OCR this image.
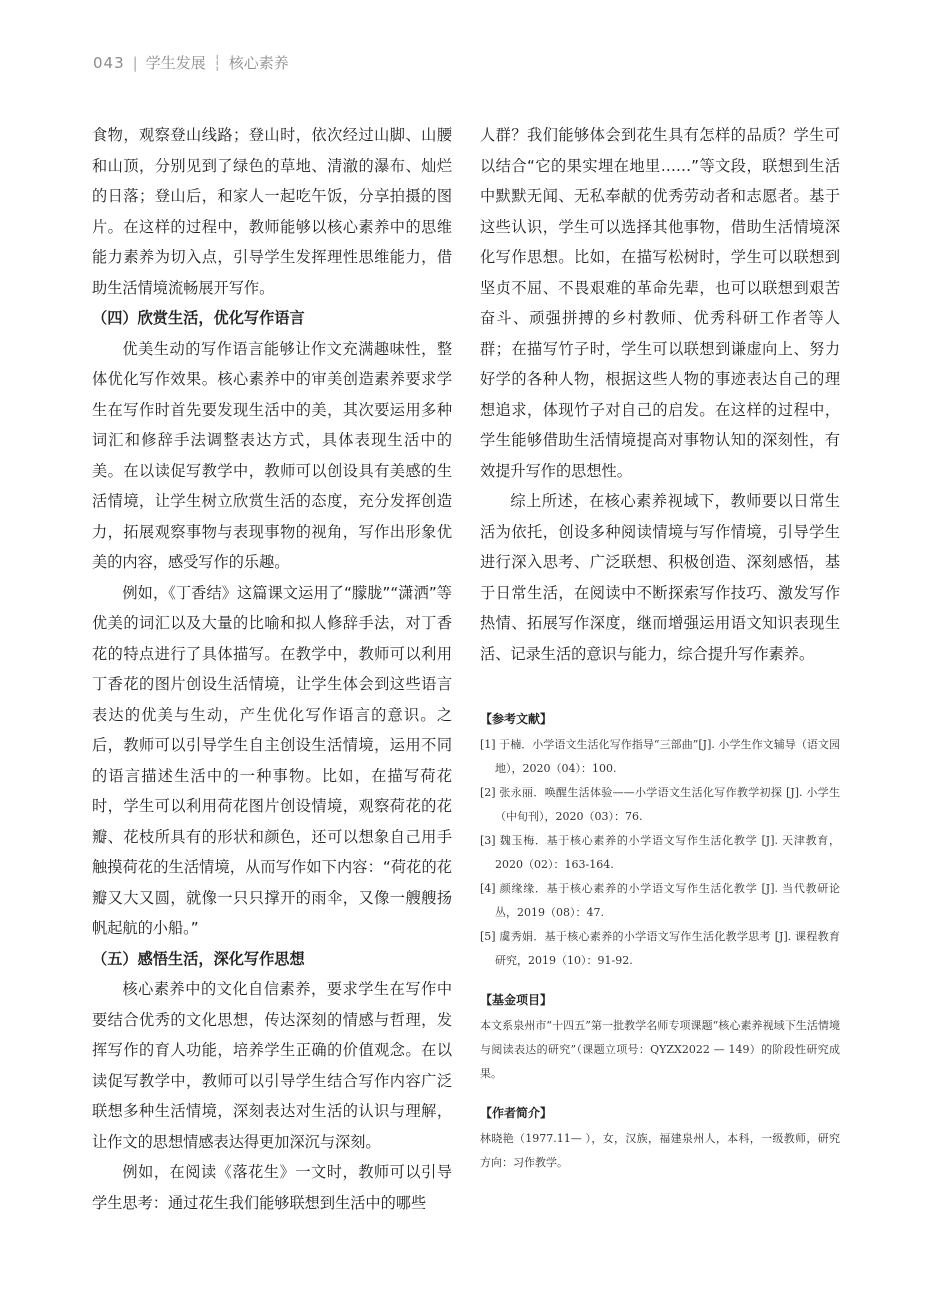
043 | 学生发展 ┆ 核心素养

食物，观察登山线路；登山时，依次经过山脚、山腰和山顶，分别见到了绿色的草地、清澈的瀑布、灿烂的日落；登山后，和家人一起吃午饭，分享拍摄的图片。在这样的过程中，教师能够以核心素养中的思维能力素养为切入点，引导学生发挥理性思维能力，借助生活情境流畅展开写作。

（四）欣赏生活，优化写作语言

优美生动的写作语言能够让作文充满趣味性，整体优化写作效果。核心素养中的审美创造素养要求学生在写作时首先要发现生活中的美，其次要运用多种词汇和修辞手法调整表达方式，具体表现生活中的美。在以读促写教学中，教师可以创设具有美感的生活情境，让学生树立欣赏生活的态度，充分发挥创造力，拓展观察事物与表现事物的视角，写作出形象优美的内容，感受写作的乐趣。

例如，《丁香结》这篇课文运用了“朦胧”“潇洒”等优美的词汇以及大量的比喻和拟人修辞手法，对丁香花的特点进行了具体描写。在教学中，教师可以利用丁香花的图片创设生活情境，让学生体会到这些语言表达的优美与生动，产生优化写作语言的意识。之后，教师可以引导学生自主创设生活情境，运用不同的语言描述生活中的一种事物。比如，在描写荷花时，学生可以利用荷花图片创设情境，观察荷花的花瓣、花枝所具有的形状和颜色，还可以想象自己用手触摸荷花的生活情境，从而写作如下内容：“荷花的花瓣又大又圆，就像一只只撑开的雨伞，又像一艘艘扬帆起航的小船。”

（五）感悟生活，深化写作思想

核心素养中的文化自信素养，要求学生在写作中要结合优秀的文化思想，传达深刻的情感与哲理，发挥写作的育人功能，培养学生正确的价值观念。在以读促写教学中，教师可以引导学生结合写作内容广泛联想多种生活情境，深刻表达对生活的认识与理解，让作文的思想情感表达得更加深沉与深刻。

例如，在阅读《落花生》一文时，教师可以引导学生思考：通过花生我们能够联想到生活中的哪些

人群？我们能够体会到花生具有怎样的品质？学生可以结合“它的果实埋在地里……”等文段，联想到生活中默默无闻、无私奉献的优秀劳动者和志愿者。基于这些认识，学生可以选择其他事物，借助生活情境深化写作思想。比如，在描写松树时，学生可以联想到坚贞不屈、不畏艰难的革命先辈，也可以联想到艰苦奋斗、顽强拼搏的乡村教师、优秀科研工作者等人群；在描写竹子时，学生可以联想到谦虚向上、努力好学的各种人物，根据这些人物的事迹表达自己的理想追求，体现竹子对自己的启发。在这样的过程中，学生能够借助生活情境提高对事物认知的深刻性，有效提升写作的思想性。

综上所述，在核心素养视域下，教师要以日常生活为依托，创设多种阅读情境与写作情境，引导学生进行深入思考、广泛联想、积极创造、深刻感悟，基于日常生活，在阅读中不断探索写作技巧、激发写作热情、拓展写作深度，继而增强运用语文知识表现生活、记录生活的意识与能力，综合提升写作素养。

【参考文献】

[1] 于楠．小学语文生活化写作指导“三部曲”[J]. 小学生作文辅导（语文园地），2020（04）：100.

[2] 张永丽．唤醒生活体验——小学语文生活化写作教学初探 [J]. 小学生（中旬刊），2020（03）：76.

[3] 魏玉梅．基于核心素养的小学语文写作生活化教学 [J]. 天津教育，2020（02）：163-164.

[4] 颜缘缘．基于核心素养的小学语文写作生活化教学 [J]. 当代教研论丛，2019（08）：47.

[5] 虞秀娟．基于核心素养的小学语文写作生活化教学思考 [J]. 课程教育研究，2019（10）：91-92.

【基金项目】

本文系泉州市“十四五”第一批教学名师专项课题“核心素养视域下生活情境与阅读表达的研究”（课题立项号：QYZX2022 — 149）的阶段性研究成果。

【作者简介】

林晓艳（1977.11— ），女，汉族，福建泉州人，本科，一级教师，研究方向：习作教学。
